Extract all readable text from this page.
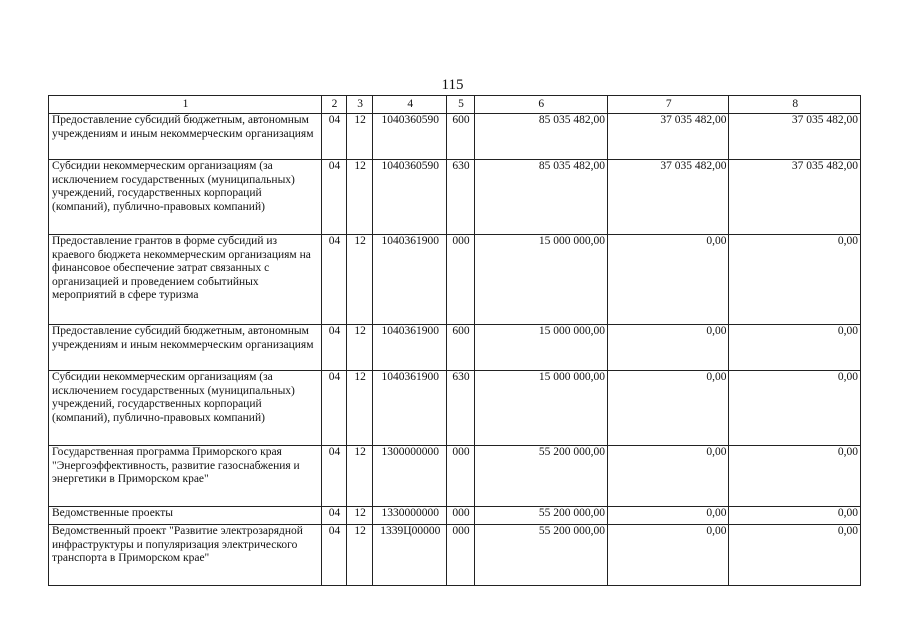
115
1	2	3	4	5	6	7	8
Предоставление субсидий бюджетным, автономным учреждениям и иным некоммерческим организациям	04	12	1040360590	600	85 035 482,00	37 035 482,00	37 035 482,00
Субсидии некоммерческим организациям (за исключением государственных (муниципальных) учреждений, государственных корпораций (компаний), публично-правовых компаний)	04	12	1040360590	630	85 035 482,00	37 035 482,00	37 035 482,00
Предоставление грантов в форме субсидий из краевого бюджета некоммерческим организациям на финансовое обеспечение затрат связанных с организацией и проведением событийных мероприятий в сфере туризма	04	12	1040361900	000	15 000 000,00	0,00	0,00
Предоставление субсидий бюджетным, автономным учреждениям и иным некоммерческим организациям	04	12	1040361900	600	15 000 000,00	0,00	0,00
Субсидии некоммерческим организациям (за исключением государственных (муниципальных) учреждений, государственных корпораций (компаний), публично-правовых компаний)	04	12	1040361900	630	15 000 000,00	0,00	0,00
Государственная программа Приморского края "Энергоэффективность, развитие газоснабжения и энергетики в Приморском крае"	04	12	1300000000	000	55 200 000,00	0,00	0,00
Ведомственные проекты	04	12	1330000000	000	55 200 000,00	0,00	0,00
Ведомственный проект "Развитие электрозарядной инфраструктуры и популяризация электрического транспорта в Приморском крае"	04	12	1339Ц00000	000	55 200 000,00	0,00	0,00
